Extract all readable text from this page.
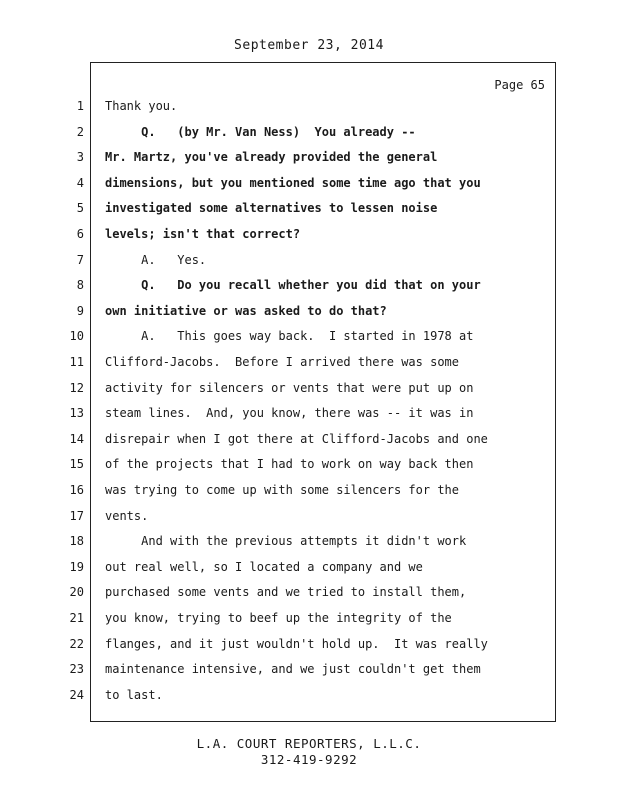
September 23, 2014
Page 65
1 Thank you.
2 Q.   (by Mr. Van Ness)  You already --
3 Mr. Martz, you've already provided the general
4 dimensions, but you mentioned some time ago that you
5 investigated some alternatives to lessen noise
6 levels; isn't that correct?
7 A.   Yes.
8 Q.   Do you recall whether you did that on your
9 own initiative or was asked to do that?
10 A.   This goes way back.  I started in 1978 at
11 Clifford-Jacobs.  Before I arrived there was some
12 activity for silencers or vents that were put up on
13 steam lines.  And, you know, there was -- it was in
14 disrepair when I got there at Clifford-Jacobs and one
15 of the projects that I had to work on way back then
16 was trying to come up with some silencers for the
17 vents.
18 And with the previous attempts it didn't work
19 out real well, so I located a company and we
20 purchased some vents and we tried to install them,
21 you know, trying to beef up the integrity of the
22 flanges, and it just wouldn't hold up.  It was really
23 maintenance intensive, and we just couldn't get them
24 to last.
L.A. COURT REPORTERS, L.L.C.
312-419-9292
